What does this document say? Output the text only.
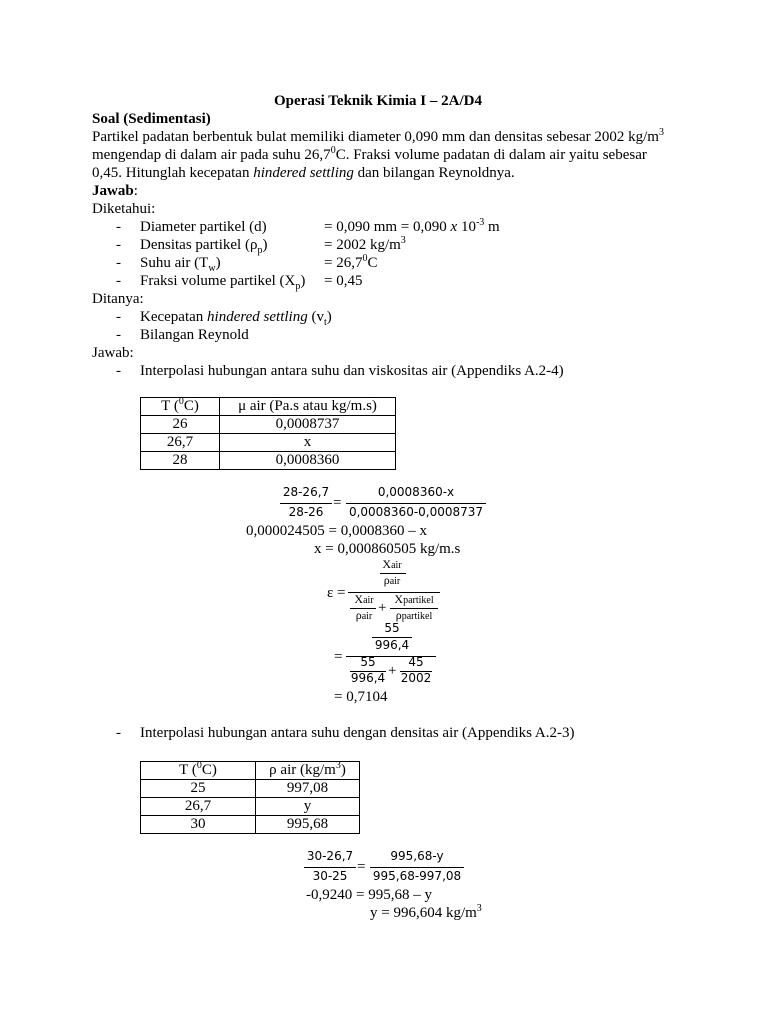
Operasi Teknik Kimia I – 2A/D4
Soal (Sedimentasi)
Partikel padatan berbentuk bulat memiliki diameter 0,090 mm dan densitas sebesar 2002 $kg/m^3$
mengendap di dalam air pada suhu 26,7$^0$C. Fraksi volume padatan di dalam air yaitu sebesar
0,45. Hitunglah kecepatan hindered settling dan bilangan Reynoldnya.
Jawab:
Diketahui:
- Diameter partikel (d)	= 0,090 mm = 0,090 x $10^{-3}$ m
- Densitas partikel $(\rho_p)$	= 2002 $kg/m^3$
- Suhu air $(T_w)$	= $26,7^0C$
- Fraksi volume partikel $(X_p) = 0,45$
Ditanya:
- Kecepatan hindered settling $(v_t)$
- Bilangan Reynold
Jawab:
- Interpolasi hubungan antara suhu dan viskositas air (Appendiks A.2-4)
T ($^0$C)	μ air (Pa.s atau kg/m.s)
26	0,0008737
26,7	x
28	0,0008360
28-26,7
28-26
=
0,0008360-x
0,0008360-0,0008737
0,000024505 = 0,0008360 – x
x = 0,000860505 kg/m.s
ε =
Xair
ρair
Xair
ρair
+
Xpartikel
ρpartikel
=
55
996,4
55
996,4 +
45
2002
= 0,7104
- Interpolasi hubungan antara suhu dengan densitas air (Appendiks A.2-3)
T ($^0$C)	ρ air $(kg/m^3)$
25	997,08
26,7	y
30	995,68
30-26,7
30-25
=
995,68-y
995,68-997,08
-0,9240 = 995,68 – y
y = 996,604 $kg/m^3$
